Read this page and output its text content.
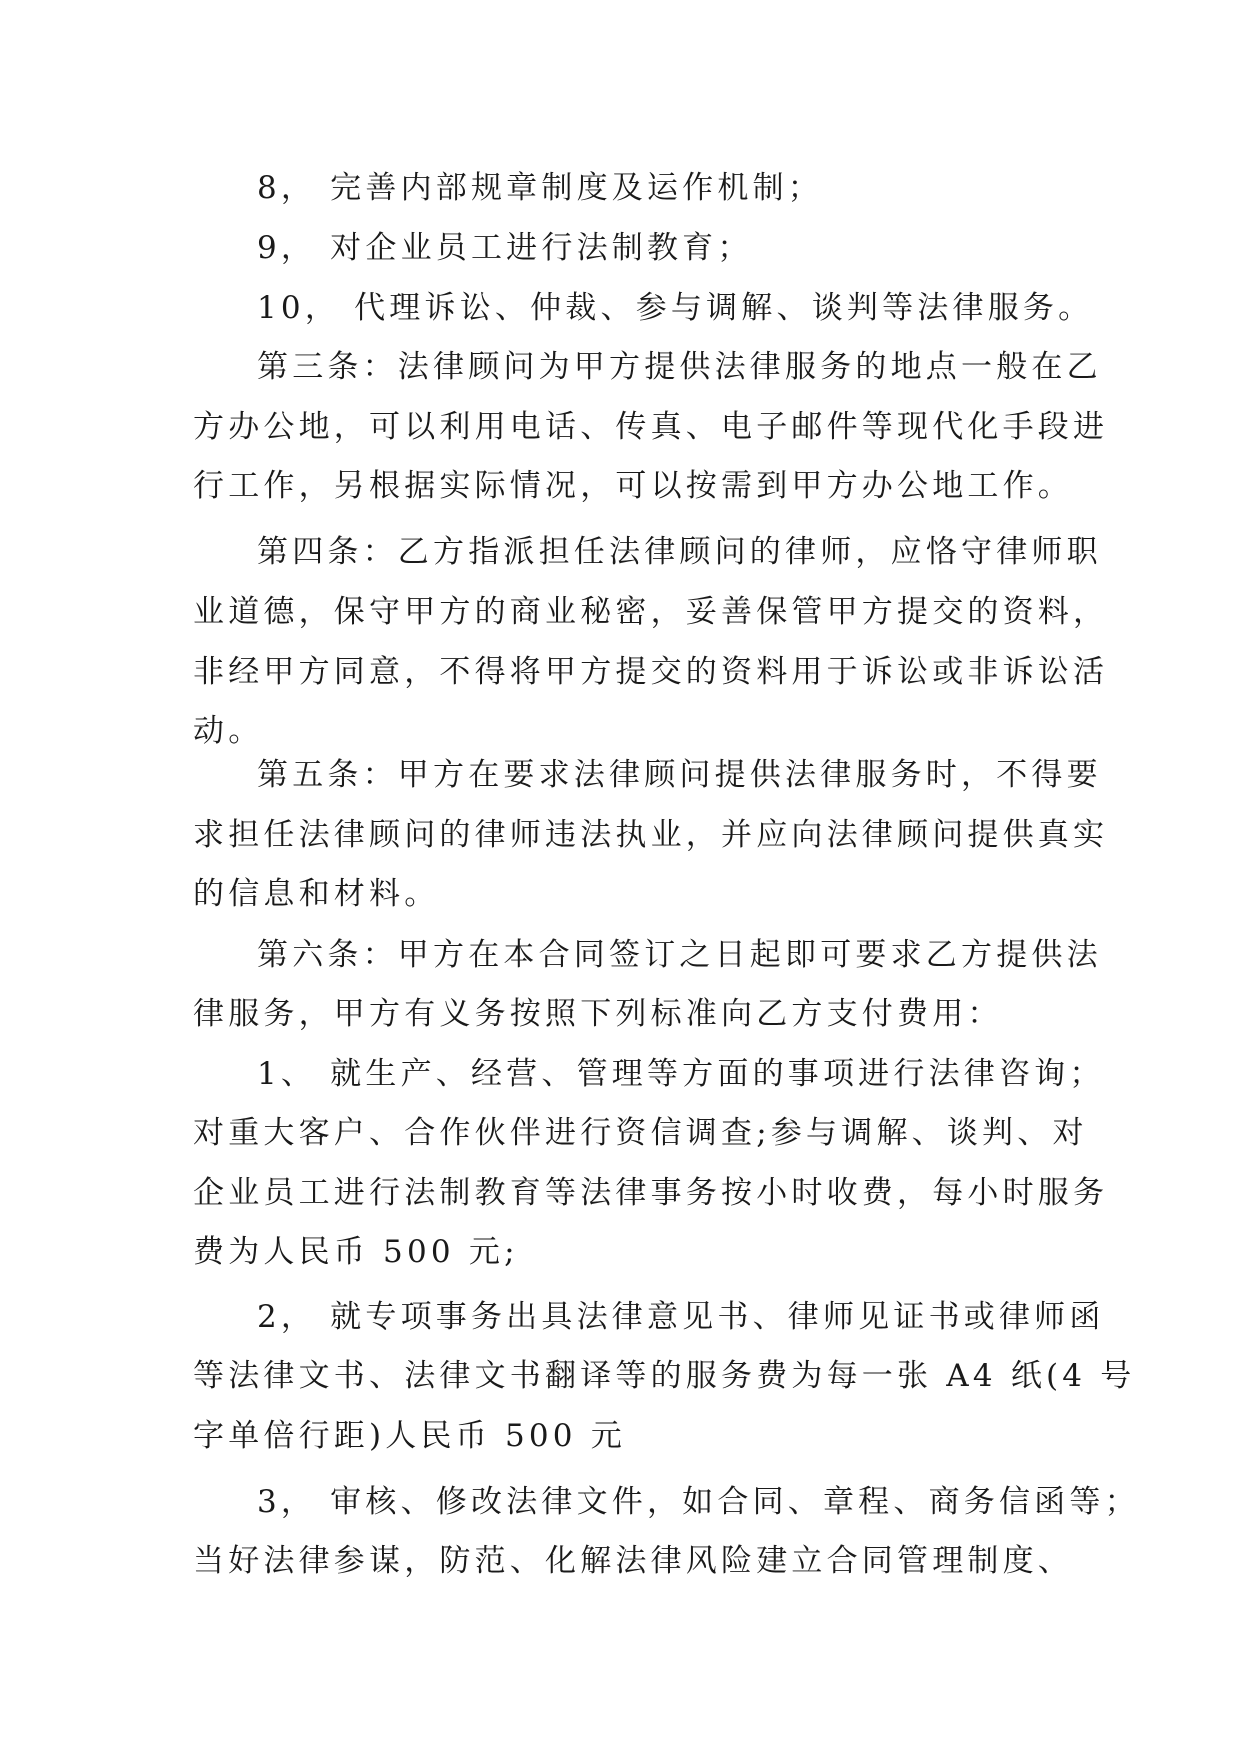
8， 完善内部规章制度及运作机制；
9， 对企业员工进行法制教育；
10， 代理诉讼、仲裁、参与调解、谈判等法律服务。
第三条：法律顾问为甲方提供法律服务的地点一般在乙
方办公地，可以利用电话、传真、电子邮件等现代化手段进
行工作，另根据实际情况，可以按需到甲方办公地工作。
第四条：乙方指派担任法律顾问的律师，应恪守律师职
业道德，保守甲方的商业秘密，妥善保管甲方提交的资料，
非经甲方同意，不得将甲方提交的资料用于诉讼或非诉讼活
动。
第五条：甲方在要求法律顾问提供法律服务时，不得要
求担任法律顾问的律师违法执业，并应向法律顾问提供真实
的信息和材料。
第六条：甲方在本合同签订之日起即可要求乙方提供法
律服务，甲方有义务按照下列标准向乙方支付费用：
1、 就生产、经营、管理等方面的事项进行法律咨询；
对重大客户、合作伙伴进行资信调查;参与调解、谈判、对
企业员工进行法制教育等法律事务按小时收费，每小时服务
费为人民币 500 元;
2， 就专项事务出具法律意见书、律师见证书或律师函
等法律文书、法律文书翻译等的服务费为每一张 A4 纸(4 号
字单倍行距)人民币 500 元
3， 审核、修改法律文件，如合同、章程、商务信函等；
当好法律参谋，防范、化解法律风险建立合同管理制度、
